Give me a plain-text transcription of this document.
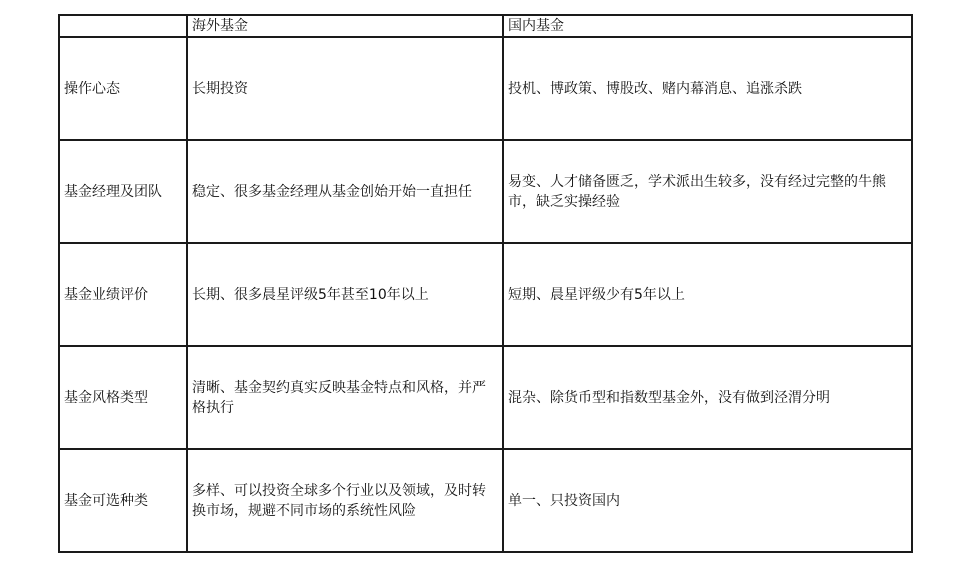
	海外基金	国内基金
操作心态	长期投资	投机、博政策、博股改、赌内幕消息、追涨杀跌
基金经理及团队	稳定、很多基金经理从基金创始开始一直担任	易变、人才储备匮乏，学术派出生较多，没有经过完整的牛熊市，缺乏实操经验
基金业绩评价	长期、很多晨星评级5年甚至10年以上	短期、晨星评级少有5年以上
基金风格类型	清晰、基金契约真实反映基金特点和风格，并严格执行	混杂、除货币型和指数型基金外，没有做到泾渭分明
基金可选种类	多样、可以投资全球多个行业以及领域，及时转换市场，规避不同市场的系统性风险	单一、只投资国内
